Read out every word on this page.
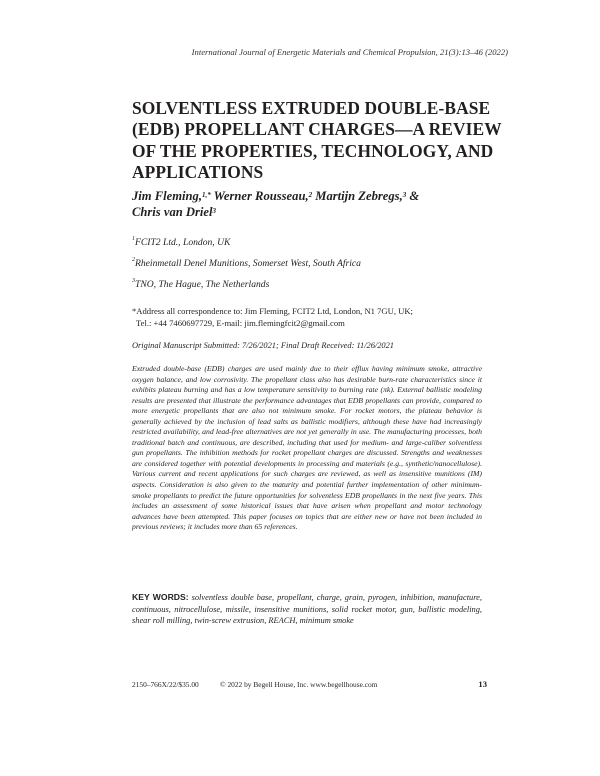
International Journal of Energetic Materials and Chemical Propulsion, 21(3):13–46 (2022)
SOLVENTLESS EXTRUDED DOUBLE-BASE (EDB) PROPELLANT CHARGES—A REVIEW OF THE PROPERTIES, TECHNOLOGY, AND APPLICATIONS
Jim Fleming,$^{1,*}$ Werner Rousseau,$^2$ Martijn Zebregs,$^3$ &
Chris van Driel$^3$
$^1$FCIT2 Ltd., London, UK
$^2$Rheinmetall Denel Munitions, Somerset West, South Africa
$^3$TNO, The Hague, The Netherlands
*Address all correspondence to: Jim Fleming, FCIT2 Ltd, London, N1 7GU, UK;
Tel.: +44 7460697729, E-mail: jim.flemingfcit2@gmail.com
Original Manuscript Submitted: 7/26/2021; Final Draft Received: 11/26/2021

Extruded double-base (EDB) charges are used mainly due to their efflux having minimum smoke, attractive oxygen balance, and low corrosivity. The propellant class also has desirable burn-rate characteristics since it exhibits plateau burning and has a low temperature sensitivity to burning rate (πk). External ballistic modeling results are presented that illustrate the performance advantages that EDB propellants can provide, compared to more energetic propellants that are also not minimum smoke. For rocket motors, the plateau behavior is generally achieved by the inclusion of lead salts as ballistic modifiers, although these have had increasingly restricted availability, and lead-free alternatives are not yet generally in use. The manufacturing processes, both traditional batch and continuous, are described, including that used for medium- and large-caliber solventless gun propellants. The inhibition methods for rocket propellant charges are discussed. Strengths and weaknesses are considered together with potential developments in processing and materials (e.g., synthetic/nanocellulose). Various current and recent applications for such charges are reviewed, as well as insensitive munitions (IM) aspects. Consideration is also given to the maturity and potential further implementation of other minimum-smoke propellants to predict the future opportunities for solventless EDB propellants in the next five years. This includes an assessment of some historical issues that have arisen when propellant and motor technology advances have been attempted. This paper focuses on topics that are either new or have not been included in previous reviews; it includes more than 65 references.

KEY WORDS: solventless double base, propellant, charge, grain, pyrogen, inhibition, manufacture, continuous, nitrocellulose, missile, insensitive munitions, solid rocket motor, gun, ballistic modeling, shear roll milling, twin-screw extrusion, REACH, minimum smoke

2150–766X/22/$35.00	© 2022 by Begell House, Inc. www.begellhouse.com	13
